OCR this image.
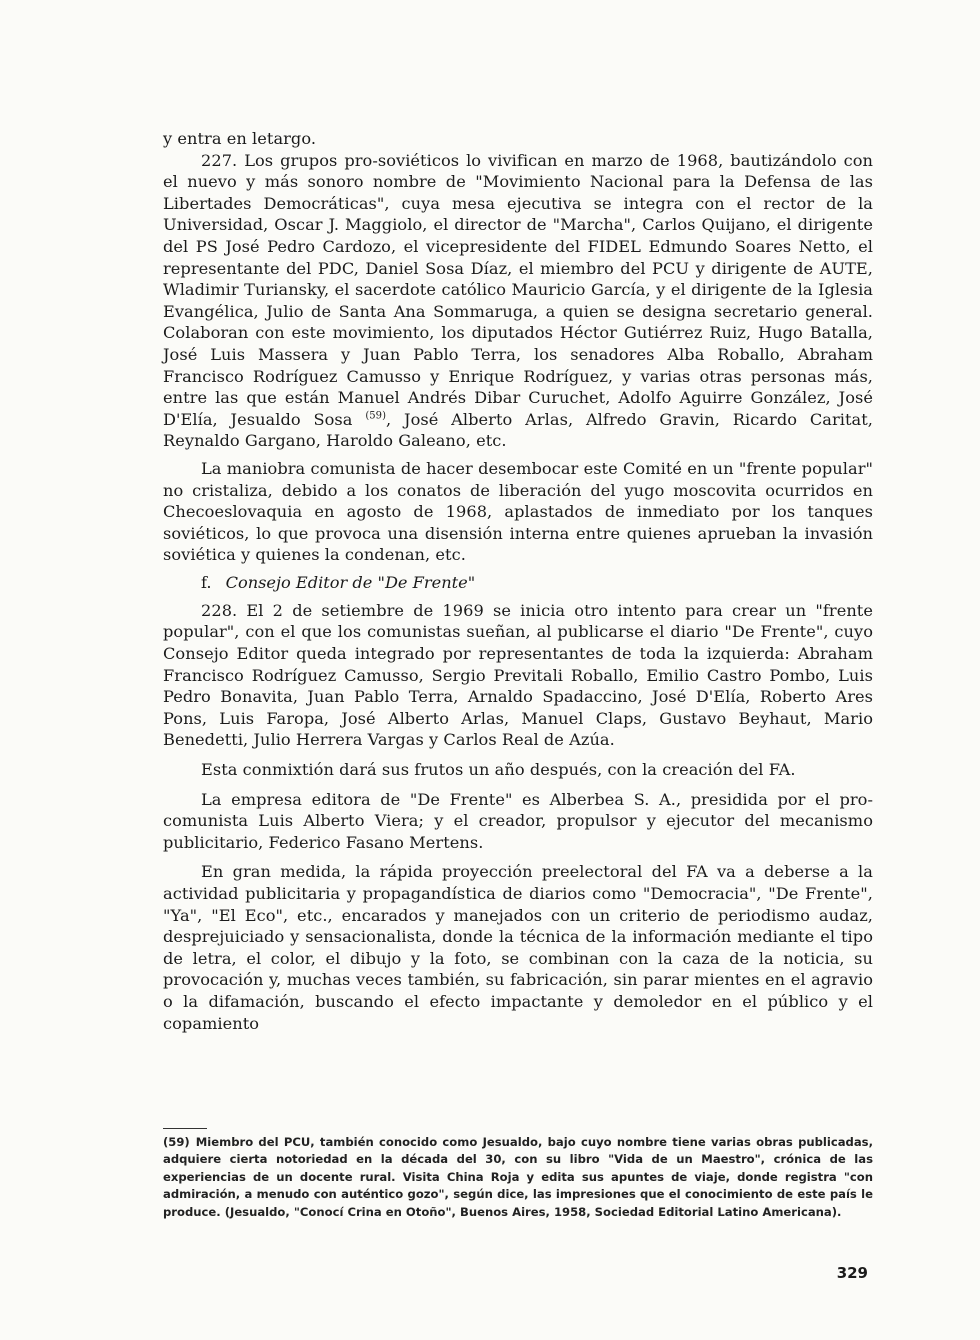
y entra en letargo.

227. Los grupos pro-soviéticos lo vivifican en marzo de 1968, bautizándolo con el nuevo y más sonoro nombre de "Movimiento Nacional para la Defensa de las Libertades Democráticas", cuya mesa ejecutiva se integra con el rector de la Universidad, Oscar J. Maggiolo, el director de "Marcha", Carlos Quijano, el dirigente del PS José Pedro Cardozo, el vicepresidente del FIDEL Edmundo Soares Netto, el representante del PDC, Daniel Sosa Díaz, el miembro del PCU y dirigente de AUTE, Wladimir Turiansky, el sacerdote católico Mauricio García, y el dirigente de la Iglesia Evangélica, Julio de Santa Ana Sommaruga, a quien se designa secretario general. Colaboran con este movimiento, los diputados Héctor Gutiérrez Ruiz, Hugo Batalla, José Luis Massera y Juan Pablo Terra, los senadores Alba Roballo, Abraham Francisco Rodríguez Camusso y Enrique Rodríguez, y varias otras personas más, entre las que están Manuel Andrés Dibar Curuchet, Adolfo Aguirre González, José D'Elía, Jesualdo Sosa $^{(59)}$, José Alberto Arlas, Alfredo Gravin, Ricardo Caritat, Reynaldo Gargano, Haroldo Galeano, etc.

La maniobra comunista de hacer desembocar este Comité en un "frente popular" no cristaliza, debido a los conatos de liberación del yugo moscovita ocurridos en Checoeslovaquia en agosto de 1968, aplastados de inmediato por los tanques soviéticos, lo que provoca una disensión interna entre quienes aprueban la invasión soviética y quienes la condenan, etc.

f. Consejo Editor de "De Frente"

228. El 2 de setiembre de 1969 se inicia otro intento para crear un "frente popular", con el que los comunistas sueñan, al publicarse el diario "De Frente", cuyo Consejo Editor queda integrado por representantes de toda la izquierda: Abraham Francisco Rodríguez Camusso, Sergio Previtali Roballo, Emilio Castro Pombo, Luis Pedro Bonavita, Juan Pablo Terra, Arnaldo Spadaccino, José D'Elía, Roberto Ares Pons, Luis Faropa, José Alberto Arlas, Manuel Claps, Gustavo Beyhaut, Mario Benedetti, Julio Herrera Vargas y Carlos Real de Azúa.

Esta conmixtión dará sus frutos un año después, con la creación del FA.

La empresa editora de "De Frente" es Alberbea S. A., presidida por el pro-comunista Luis Alberto Viera; y el creador, propulsor y ejecutor del mecanismo publicitario, Federico Fasano Mertens.

En gran medida, la rápida proyección preelectoral del FA va a deberse a la actividad publicitaria y propagandística de diarios como "Democracia", "De Frente", "Ya", "El Eco", etc., encarados y manejados con un criterio de periodismo audaz, desprejuiciado y sensacionalista, donde la técnica de la información mediante el tipo de letra, el color, el dibujo y la foto, se combinan con la caza de la noticia, su provocación y, muchas veces también, su fabricación, sin parar mientes en el agravio o la difamación, buscando el efecto impactante y demoledor en el público y el copamiento

(59) Miembro del PCU, también conocido como Jesualdo, bajo cuyo nombre tiene varias obras publicadas, adquiere cierta notoriedad en la década del 30, con su libro "Vida de un Maestro", crónica de las experiencias de un docente rural. Visita China Roja y edita sus apuntes de viaje, donde registra "con admiración, a menudo con auténtico gozo", según dice, las impresiones que el conocimiento de este país le produce. (Jesualdo, "Conocí Crina en Otoño", Buenos Aires, 1958, Sociedad Editorial Latino Americana).
329
